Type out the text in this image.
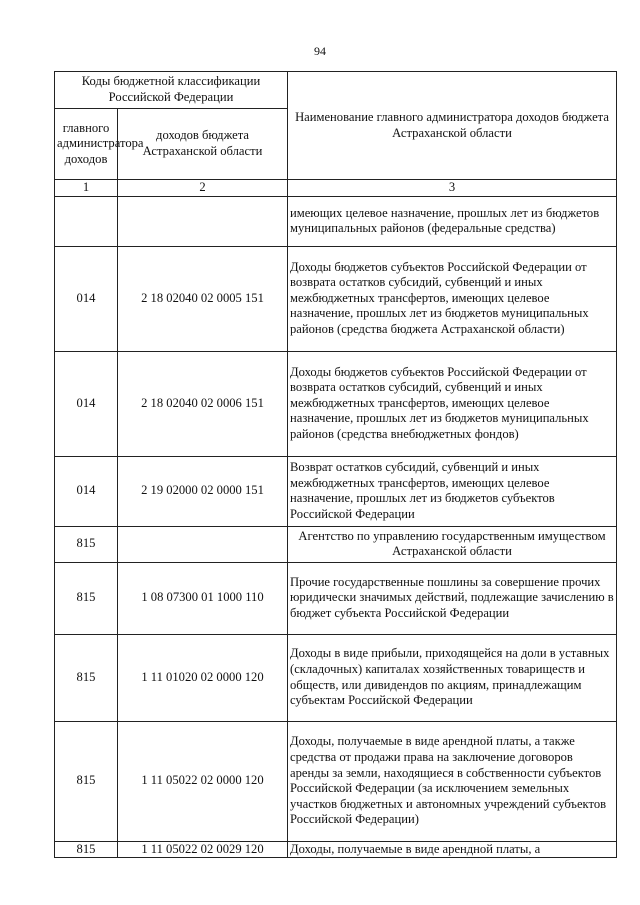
94
Коды бюджетной классификации Российской Федерации		Наименование главного администратора доходов бюджета Астраханской области
главного администратора доходов	доходов бюджета Астраханской области	
1	2	3
		имеющих целевое назначение, прошлых лет из бюджетов муниципальных районов (федеральные средства)
014	2 18 02040 02 0005 151	Доходы бюджетов субъектов Российской Федерации от возврата остатков субсидий, субвенций и иных межбюджетных трансфертов, имеющих целевое назначение, прошлых лет из бюджетов муниципальных районов (средства бюджета Астраханской области)
014	2 18 02040 02 0006 151	Доходы бюджетов субъектов Российской Федерации от возврата остатков субсидий, субвенций и иных межбюджетных трансфертов, имеющих целевое назначение, прошлых лет из бюджетов муниципальных районов (средства внебюджетных фондов)
014	2 19 02000 02 0000 151	Возврат остатков субсидий, субвенций и иных межбюджетных трансфертов, имеющих целевое назначение, прошлых лет из бюджетов субъектов Российской Федерации
815		Агентство по управлению государственным имуществом Астраханской области
815	1 08 07300 01 1000 110	Прочие государственные пошлины за совершение прочих юридически значимых действий, подлежащие зачислению в бюджет субъекта Российской Федерации
815	1 11 01020 02 0000 120	Доходы в виде прибыли, приходящейся на доли в уставных (складочных) капиталах хозяйственных товариществ и обществ, или дивидендов по акциям, принадлежащим субъектам Российской Федерации
815	1 11 05022 02 0000 120	Доходы, получаемые в виде арендной платы, а также средства от продажи права на заключение договоров аренды за земли, находящиеся в собственности субъектов Российской Федерации (за исключением земельных участков бюджетных и автономных учреждений субъектов Российской Федерации)
815	1 11 05022 02 0029 120	Доходы, получаемые в виде арендной платы, а
